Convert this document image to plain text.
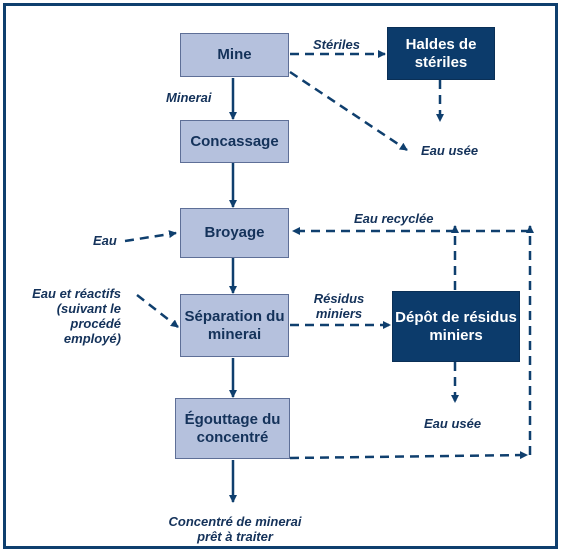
Mine
Concassage
Broyage
Séparation du minerai
Égouttage du concentré
Haldes de stériles
Dépôt de résidus miniers
Stériles
Minerai
Eau usée
Eau recyclée
Eau
Eau et réactifs (suivant le procédé employé)
Résidus miniers
Eau usée
Concentré de minerai prêt à traiter
